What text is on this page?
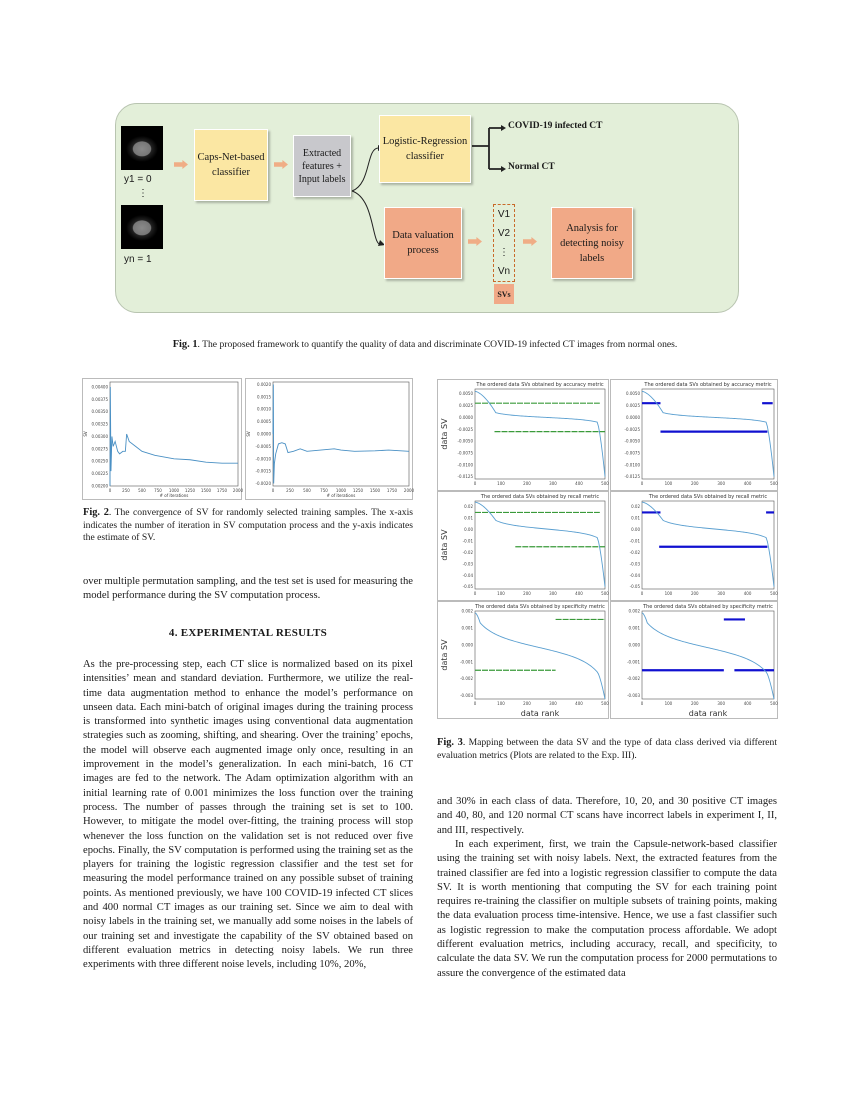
y1 = 0
⋮
yn = 1
Caps-Net-based classifier
Extracted features + Input labels
Logistic-Regression classifier
COVID-19 infected CT
Normal CT
Data valuation process
V1
V2
⋮
Vn
SVs
Analysis for detecting noisy labels
Fig. 1. The proposed framework to quantify the quality of data and discriminate COVID-19 infected CT images from normal ones.
0	250 500 750 1000 1250 1500 1750 2000
0.00200
0.00225
0.00250
0.00275
0.00300
0.00325
0.00350
0.00375
0.00400
# of iterations
SV
0	250 500 750 1000 1250 1500 1750 2000
-0.0020
-0.0015
-0.0010
-0.0005
0.0000
0.0005
0.0010
0.0015
0.0020
# of iterations
SV
Fig. 2. The convergence of SV for randomly selected training samples. The x-axis indicates the number of iteration in SV computation process and the y-axis indicates the estimate of SV.
over multiple permutation sampling, and the test set is used for measuring the model performance during the SV computation process.
4. EXPERIMENTAL RESULTS
As the pre-processing step, each CT slice is normalized based on its pixel intensities’ mean and standard deviation. Furthermore, we utilize the real-time data augmentation method to enhance the model’s performance on unseen data. Each mini-batch of original images during the training process is transformed into synthetic images using conventional data augmentation strategies such as zooming, shifting, and shearing. Over the training’ epochs, the model will observe each augmented image only once, resulting in an improvement in the model’s generalization. In each mini-batch, 16 CT images are fed to the network. The Adam optimization algorithm with an initial learning rate of 0.001 minimizes the loss function over the training process. The number of passes through the training set is set to 100. However, to mitigate the model over-fitting, the training process will stop whenever the loss function on the validation set is not reduced over five epochs. Finally, the SV computation is performed using the training set as the players for training the logistic regression classifier and the test set for measuring the model performance trained on any possible subset of training points. As mentioned previously, we have 100 COVID-19 infected CT slices and 400 normal CT images as our training set. Since we aim to deal with noisy labels in the training set, we manually add some noises in the labels of our training set and investigate the capability of the SV obtained based on different evaluation metrics in detecting noisy labels. We run three experiments with three different noise levels, including 10%, 20%,
The ordered data SVs obtained by accuracy metric
0	100	200	300	400	500
-0.0125
-0.0100
-0.0075
-0.0050
-0.0025
0.0000
0.0025
0.0050
data SV
The ordered data SVs obtained by accuracy metric
0	100	200	300	400	500
-0.0125
-0.0100
-0.0075
-0.0050
-0.0025
0.0000
0.0025
0.0050
The ordered data SVs obtained by recall metric
0	100	200	300	400	500
-0.05
-0.04
-0.03
-0.02
-0.01
0.00
0.01
0.02
data SV
The ordered data SVs obtained by recall metric
0	100	200	300	400	500
-0.05
-0.04
-0.03
-0.02
-0.01
0.00
0.01
0.02
The ordered data SVs obtained by specificity metric
0	100	200	300	400	500
-0.003
-0.002
-0.001
0.000
0.001
0.002
data rank
data SV
The ordered data SVs obtained by specificity metric
0	100	200	300	400	500
-0.003
-0.002
-0.001
0.000
0.001
0.002
data rank
Fig. 3. Mapping between the data SV and the type of data class derived via different evaluation metrics (Plots are related to the Exp. III).
and 30% in each class of data. Therefore, 10, 20, and 30 positive CT images and 40, 80, and 120 normal CT scans have incorrect labels in experiment I, II, and III, respectively.
In each experiment, first, we train the Capsule-network-based classifier using the training set with noisy labels. Next, the extracted features from the trained classifier are fed into a logistic regression classifier to compute the data SV. It is worth mentioning that computing the SV for each training point requires re-training the classifier on multiple subsets of training points, making the data evaluation process time-intensive. Hence, we use a fast classifier such as logistic regression to make the computation process affordable. We adopt different evaluation metrics, including accuracy, recall, and specificity, to calculate the data SV. We run the computation process for 2000 permutations to assure the convergence of the estimated data
